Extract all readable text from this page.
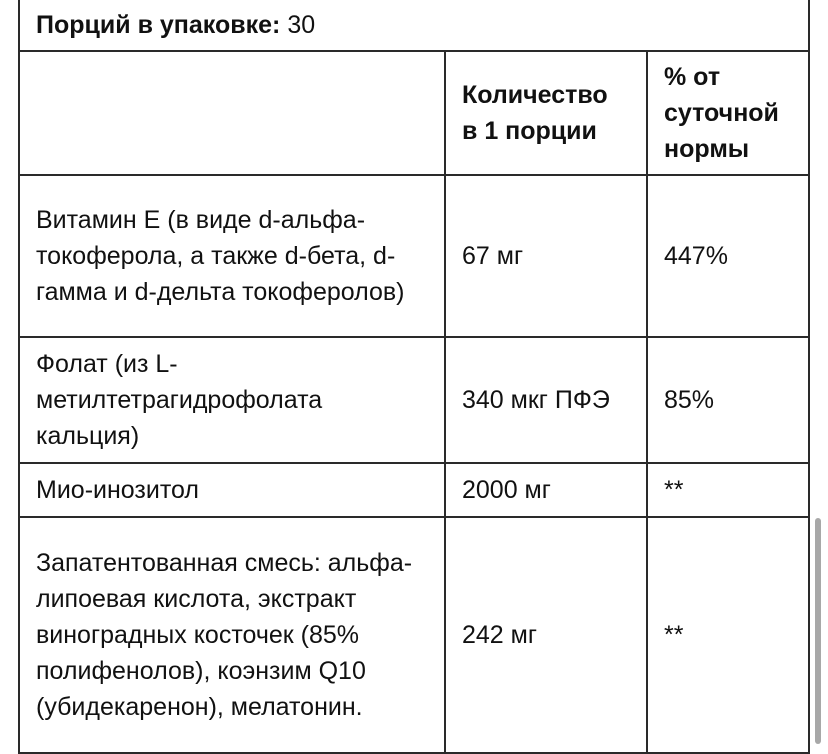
Порций в упаковке: 30		
	Количество в 1 порции	% от суточной нормы
Витамин E (в виде d-альфа-токоферола, а также d-бета, d-гамма и d-дельта токоферолов)	67 мг	447%
Фолат (из L-метилтетрагидрофолата кальция)	340 мкг ПФЭ	85%
Мио-инозитол	2000 мг	**
Запатентованная смесь: альфа-липоевая кислота, экстракт виноградных косточек (85% полифенолов), коэнзим Q10 (убидекаренон), мелатонин.	242 мг	**
